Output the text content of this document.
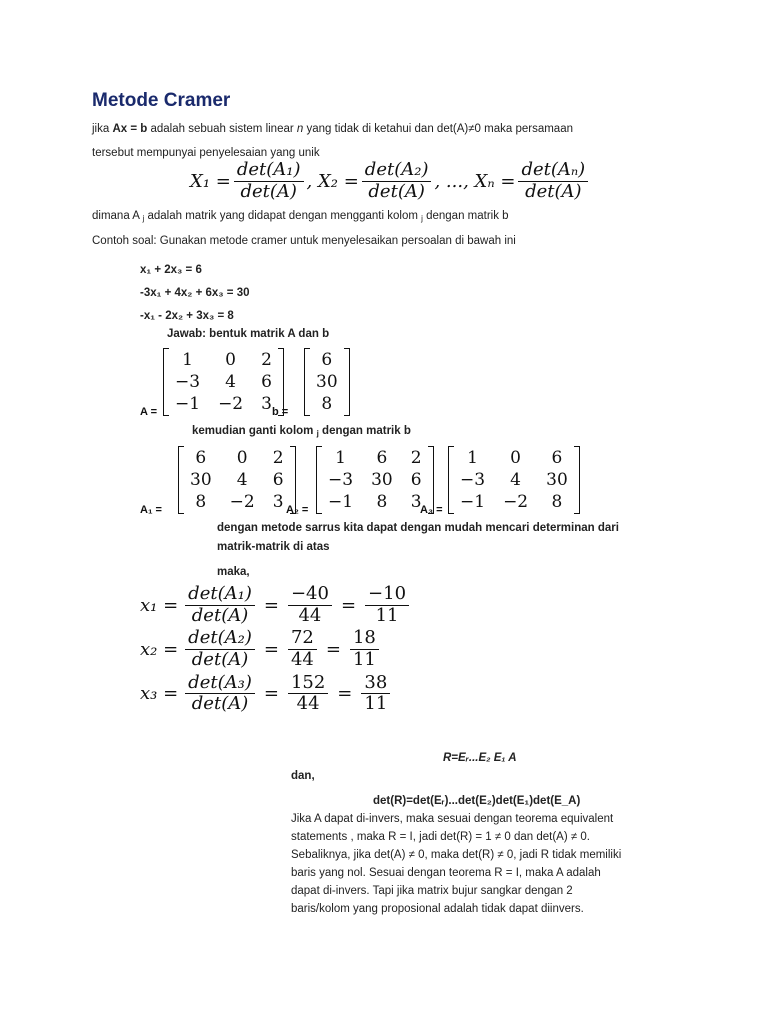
Metode Cramer
jika Ax = b adalah sebuah sistem linear n yang tidak di ketahui dan det(A)≠0 maka persamaan
tersebut mempunyai penyelesaian yang unik
$X_1 = \frac{\text{det(A₁)}}{\det(A)}$ , $X_2 = \frac{\text{det(A₂)}}{\det(A)}$ , ..., $X_n = \frac{\text{det(Aₙ)}}{\det(A)}$
dimana A $_j$ adalah matrik yang didapat dengan mengganti kolom $_j$ dengan matrik b
Contoh soal: Gunakan metode cramer untuk menyelesaikan persoalan di bawah ini
x₁ + 2x₃ = 6
-3x₁ + 4x₂ + 6x₃ = 30
-x₁ - 2x₂ + 3x₃ = 8
Jawab: bentuk matrik A dan b
A =
1 0 2
−3 4 6
−1 −2 3 b =
6
30
8
kemudian ganti kolom $_j$ dengan matrik b
A₁ =
6 0 2
30 4 6
8 −2 3 A₂ =
1 6 2
−3 30 6
−1 8 3
A₃ =
1 0 6
−3 4 30
−1 −2 8
dengan metode sarrus kita dapat dengan mudah mencari determinan dari
matrik-matrik di atas
maka,
$x_1 = \frac{\text{det(A₁)}}{\det(A)} = \frac{-40}{44} = \frac{-10}{11}$
$x_2 = \frac{\text{det(A₂)}}{\det(A)} = \frac{72}{44} = \frac{18}{11}$
$x_3 = \frac{\text{det(A₃)}}{\det(A)} = \frac{152}{44} = \frac{38}{11}$
R=Eᵣ...E₂ E₁ A
dan,
det(R)=det(Eᵣ)...det(E₂)det(E₁)det(E_A)
Jika A dapat di-invers, maka sesuai dengan teorema equivalent
statements , maka R = I, jadi det(R) = 1 ≠ 0 dan det(A) ≠ 0.
Sebaliknya, jika det(A) ≠ 0, maka det(R) ≠ 0, jadi R tidak memiliki
baris yang nol. Sesuai dengan teorema R = I, maka A adalah
dapat di-invers. Tapi jika matrix bujur sangkar dengan 2
baris/kolom yang proposional adalah tidak dapat diinvers.
